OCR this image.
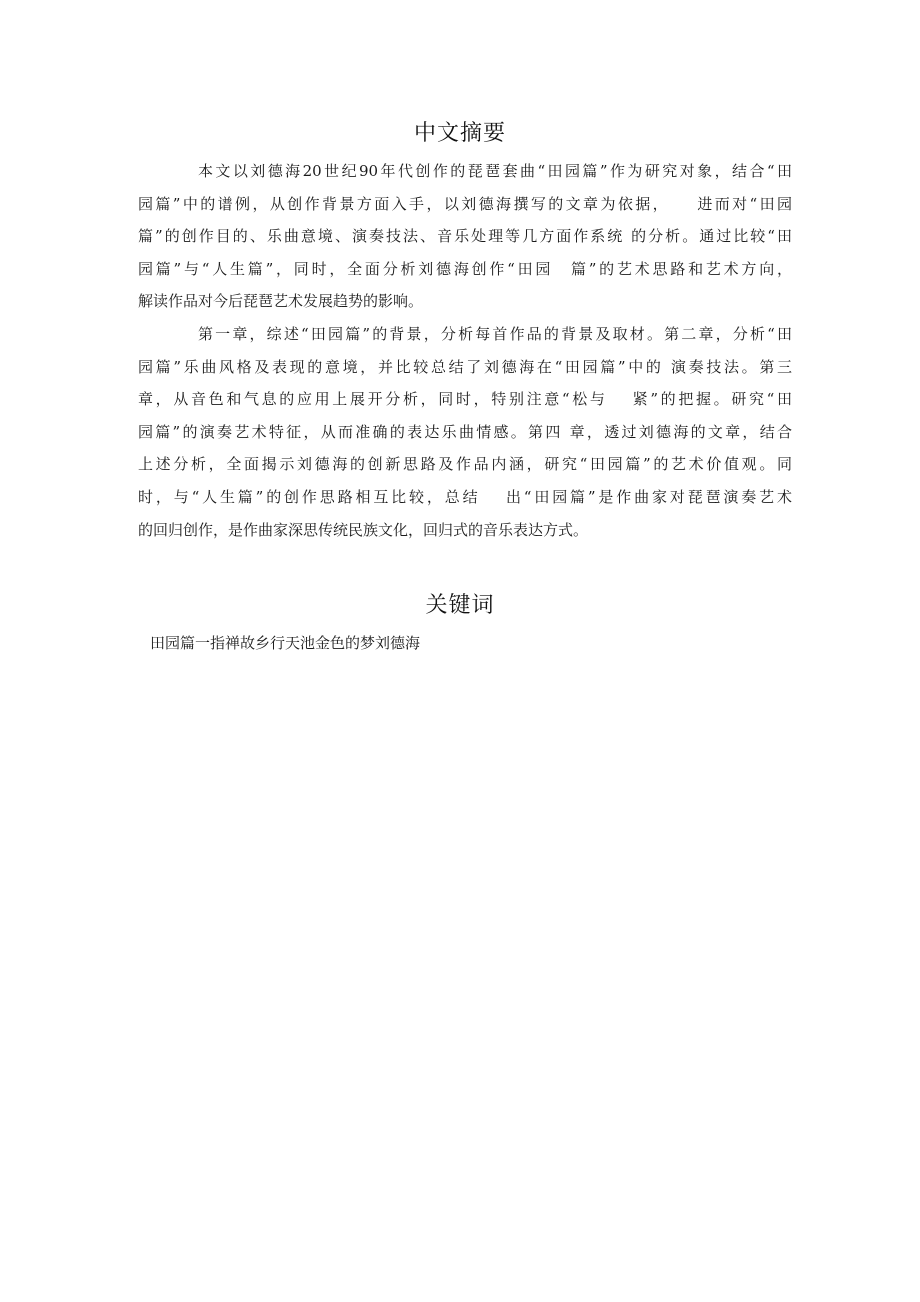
中文摘要
本文以刘德海20世纪90年代创作的琵琶套曲“田园篇”作为研究对象，结合“田
园篇”中的谱例，从创作背景方面入手，以刘德海撰写的文章为依据，　　进而对“田园
篇”的创作目的、乐曲意境、演奏技法、音乐处理等几方面作系统 的分析。通过比较“田
园篇”与“人生篇”，同时，全面分析刘德海创作“田园　篇”的艺术思路和艺术方向，
解读作品对今后琵琶艺术发展趋势的影响。
第一章，综述“田园篇”的背景，分析每首作品的背景及取材。第二章，分析“田
园篇”乐曲风格及表现的意境，并比较总结了刘德海在“田园篇”中的 演奏技法。第三
章，从音色和气息的应用上展开分析，同时，特别注意“松与　 紧”的把握。研究“田
园篇”的演奏艺术特征，从而准确的表达乐曲情感。第四 章，透过刘德海的文章，结合
上述分析，全面揭示刘德海的创新思路及作品内涵，研究“田园篇”的艺术价值观。同
时，与“人生篇”的创作思路相互比较，总结　 出“田园篇”是作曲家对琵琶演奏艺术
的回归创作，是作曲家深思传统民族文化，回归式的音乐表达方式。
关键词
田园篇一指禅故乡行天池金色的梦刘德海
